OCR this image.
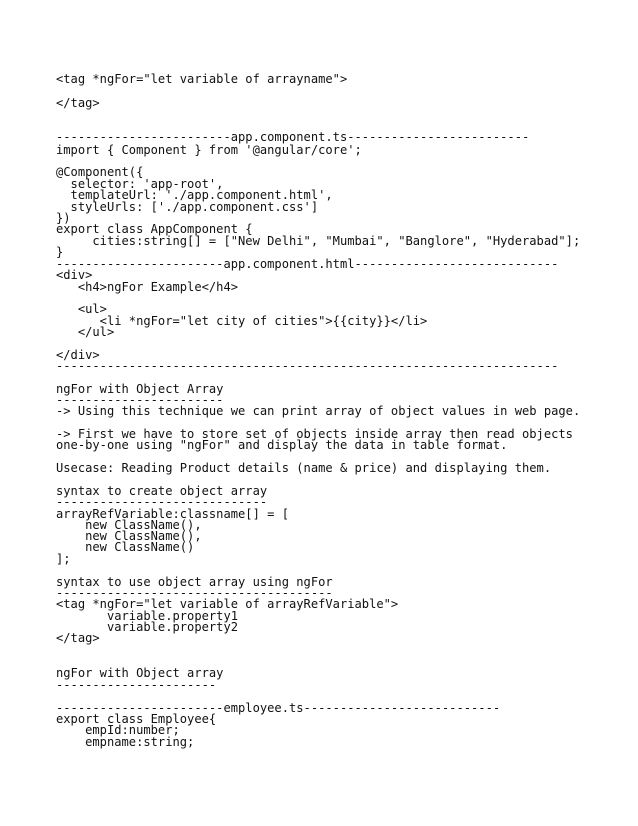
<tag *ngFor="let variable of arrayname">
</tag>
------------------------app.component.ts-------------------------
import { Component } from '@angular/core';
@Component({
selector: 'app-root',
templateUrl: './app.component.html',
styleUrls: ['./app.component.css']
})
export class AppComponent {
cities:string[] = ["New Delhi", "Mumbai", "Banglore", "Hyderabad"];
}
-----------------------app.component.html----------------------------
<div>
<h4>ngFor Example</h4>
<ul>
<li *ngFor="let city of cities">{{city}}</li>
</ul>
</div>
---------------------------------------------------------------------
ngFor with Object Array
-----------------------
-> Using this technique we can print array of object values in web page.
-> First we have to store set of objects inside array then read objects
one-by-one using "ngFor" and display the data in table format.
Usecase: Reading Product details (name & price) and displaying them.
syntax to create object array
-----------------------------
arrayRefVariable:classname[] = [
new ClassName(),
new ClassName(),
new ClassName()
];
syntax to use object array using ngFor
--------------------------------------
<tag *ngFor="let variable of arrayRefVariable">
variable.property1
variable.property2
</tag>
ngFor with Object array
----------------------
-----------------------employee.ts---------------------------
export class Employee{
empId:number;
empname:string;
